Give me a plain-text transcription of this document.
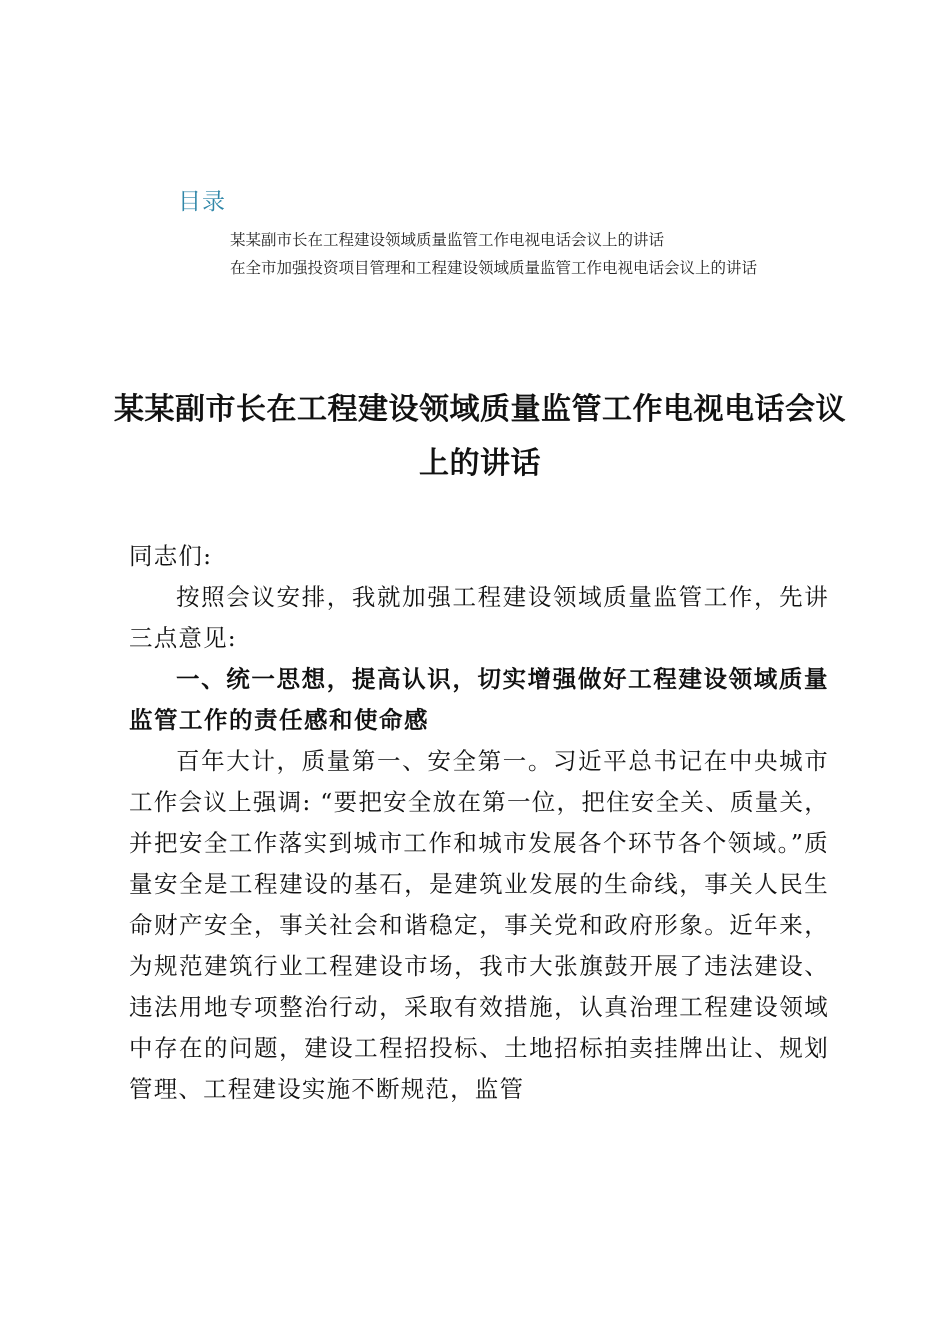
目录
某某副市长在工程建设领域质量监管工作电视电话会议上的讲话
在全市加强投资项目管理和工程建设领域质量监管工作电视电话会议上的讲话
某某副市长在工程建设领域质量监管工作电视电话会议上的讲话

同志们:

按照会议安排，我就加强工程建设领域质量监管工作，先讲三点意见:

一、统一思想，提高认识，切实增强做好工程建设领域质量监管工作的责任感和使命感

百年大计，质量第一、安全第一。习近平总书记在中央城市工作会议上强调: “要把安全放在第一位，把住安全关、质量关，并把安全工作落实到城市工作和城市发展各个环节各个领域。”质量安全是工程建设的基石，是建筑业发展的生命线，事关人民生命财产安全，事关社会和谐稳定，事关党和政府形象。近年来，为规范建筑行业工程建设市场，我市大张旗鼓开展了违法建设、违法用地专项整治行动，采取有效措施，认真治理工程建设领域中存在的问题，建设工程招投标、土地招标拍卖挂牌出让、规划管理、工程建设实施不断规范，监管
